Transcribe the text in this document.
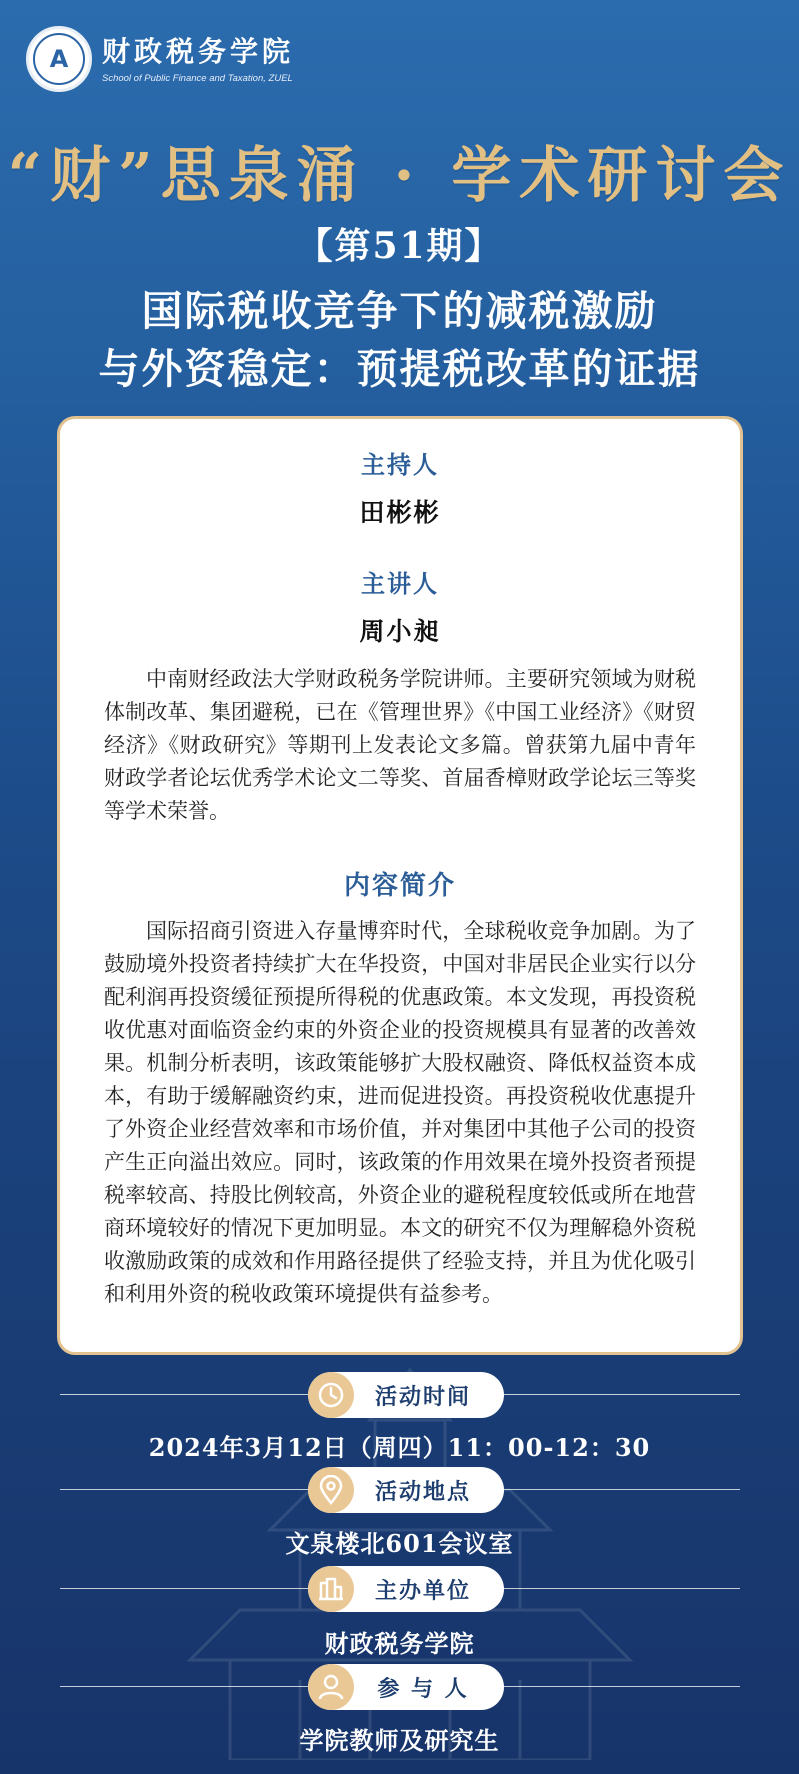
A	财政税务学院
School of Public Finance and Taxation, ZUEL
“财”思泉涌 · 学术研讨会
【第51期】
国际税收竞争下的减税激励
与外资稳定：预提税改革的证据
主持人
田彬彬
主讲人
周小昶
中南财经政法大学财政税务学院讲师。主要研究领域为财税体制改革、集团避税，已在《管理世界》《中国工业经济》《财贸经济》《财政研究》等期刊上发表论文多篇。曾获第九届中青年财政学者论坛优秀学术论文二等奖、首届香樟财政学论坛三等奖等学术荣誉。
内容简介
国际招商引资进入存量博弈时代，全球税收竞争加剧。为了鼓励境外投资者持续扩大在华投资，中国对非居民企业实行以分配利润再投资缓征预提所得税的优惠政策。本文发现，再投资税收优惠对面临资金约束的外资企业的投资规模具有显著的改善效果。机制分析表明，该政策能够扩大股权融资、降低权益资本成本，有助于缓解融资约束，进而促进投资。再投资税收优惠提升了外资企业经营效率和市场价值，并对集团中其他子公司的投资产生正向溢出效应。同时，该政策的作用效果在境外投资者预提税率较高、持股比例较高，外资企业的避税程度较低或所在地营商环境较好的情况下更加明显。本文的研究不仅为理解稳外资税收激励政策的成效和作用路径提供了经验支持，并且为优化吸引和利用外资的税收政策环境提供有益参考。
活动时间
2024年3月12日（周四）11：00-12：30
活动地点
文泉楼北601会议室
主办单位
财政税务学院
参 与 人
学院教师及研究生
